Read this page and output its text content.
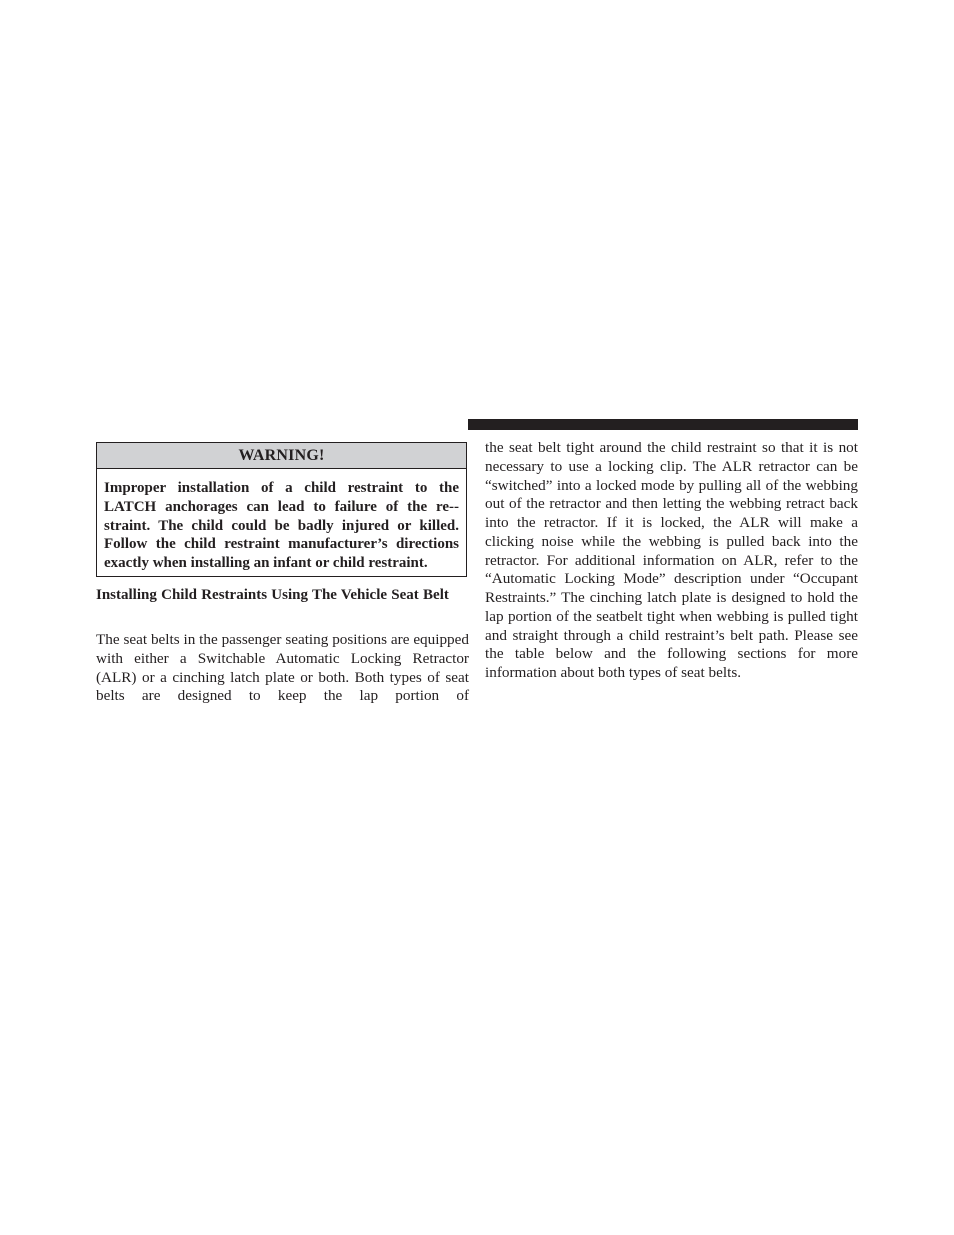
WARNING!
Improper installation of a child restraint to the LATCH anchorages can lead to failure of the re-straint. The child could be badly injured or killed. Follow the child restraint manufacturer’s directions exactly when installing an infant or child restraint.
Installing Child Restraints Using The Vehicle Seat Belt
The seat belts in the passenger seating positions are equipped with either a Switchable Automatic Locking Retractor (ALR) or a cinching latch plate or both. Both types of seat belts are designed to keep the lap portion of
the seat belt tight around the child restraint so that it is not necessary to use a locking clip. The ALR retractor can be “switched” into a locked mode by pulling all of the webbing out of the retractor and then letting the webbing retract back into the retractor. If it is locked, the ALR will make a clicking noise while the webbing is pulled back into the retractor. For additional information on ALR, refer to the “Automatic Locking Mode” description under “Occupant Restraints.” The cinching latch plate is designed to hold the lap portion of the seatbelt tight when webbing is pulled tight and straight through a child restraint’s belt path. Please see the table below and the following sections for more information about both types of seat belts.
